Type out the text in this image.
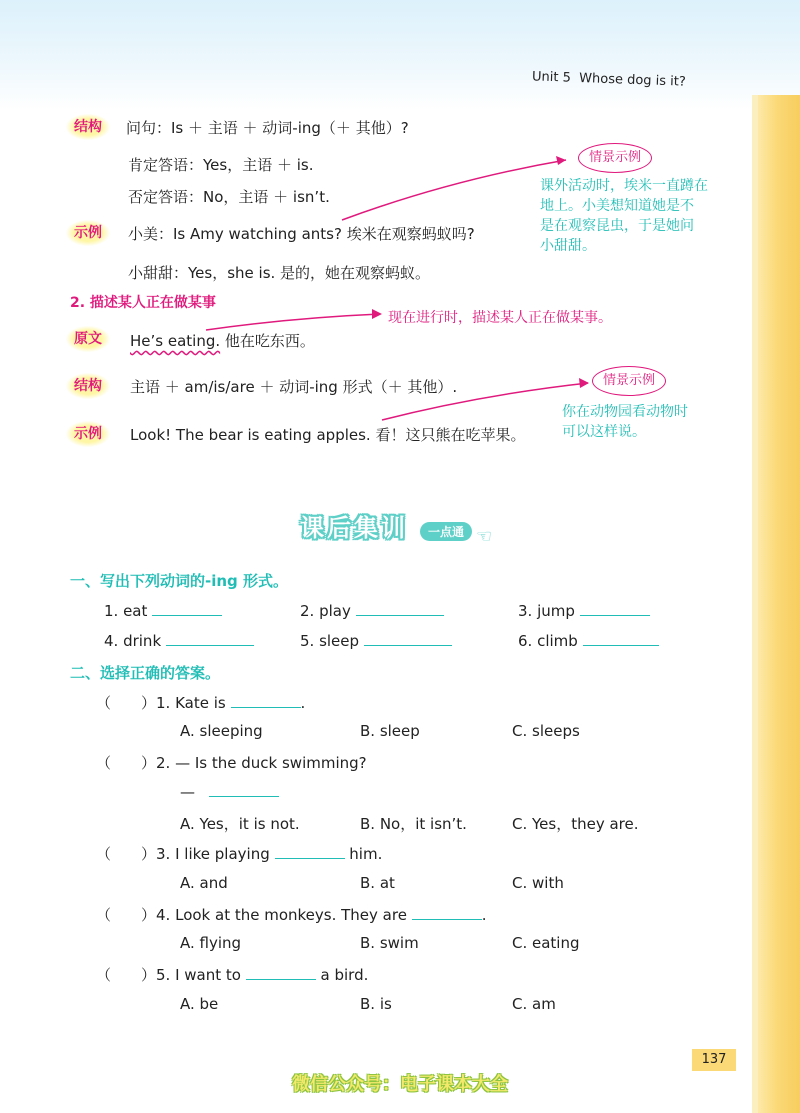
Unit 5 Whose dog is it?
结构	问句：Is ＋ 主语 ＋ 动词-ing（＋ 其他）?
肯定答语：Yes，主语 ＋ is.
否定答语：No，主语 ＋ isn’t.
示例	小美：Is Amy watching ants? 埃米在观察蚂蚁吗?
小甜甜：Yes，she is. 是的，她在观察蚂蚁。
情景示例
课外活动时，埃米一直蹲在
地上。小美想知道她是不
是在观察昆虫，于是她问
小甜甜。
2. 描述某人正在做某事
原文	He’s eating. 他在吃东西。
现在进行时，描述某人正在做某事。
结构	主语 ＋ am/is/are ＋ 动词-ing 形式（＋ 其他）.
示例	Look! The bear is eating apples. 看！这只熊在吃苹果。
情景示例
你在动物园看动物时
可以这样说。
课后集训	一点通 ☜
一、写出下列动词的-ing 形式。
1. eat	2. play	3. jump
4. drink	5. sleep	6. climb
二、选择正确的答案。
（　　）1. Kate is	.
A. sleeping	B. sleep	C. sleeps
（　　）2. — Is the duck swimming?
—
A. Yes，it is not.	B. No，it isn’t.	C. Yes，they are.
（　　）3. I like playing	him.
A. and	B. at	C. with
（　　）4. Look at the monkeys. They are	.
A. flying	B. swim	C. eating
（　　）5. I want to	a bird.
A. be	B. is	C. am
137
微信公众号：电子课本大全
